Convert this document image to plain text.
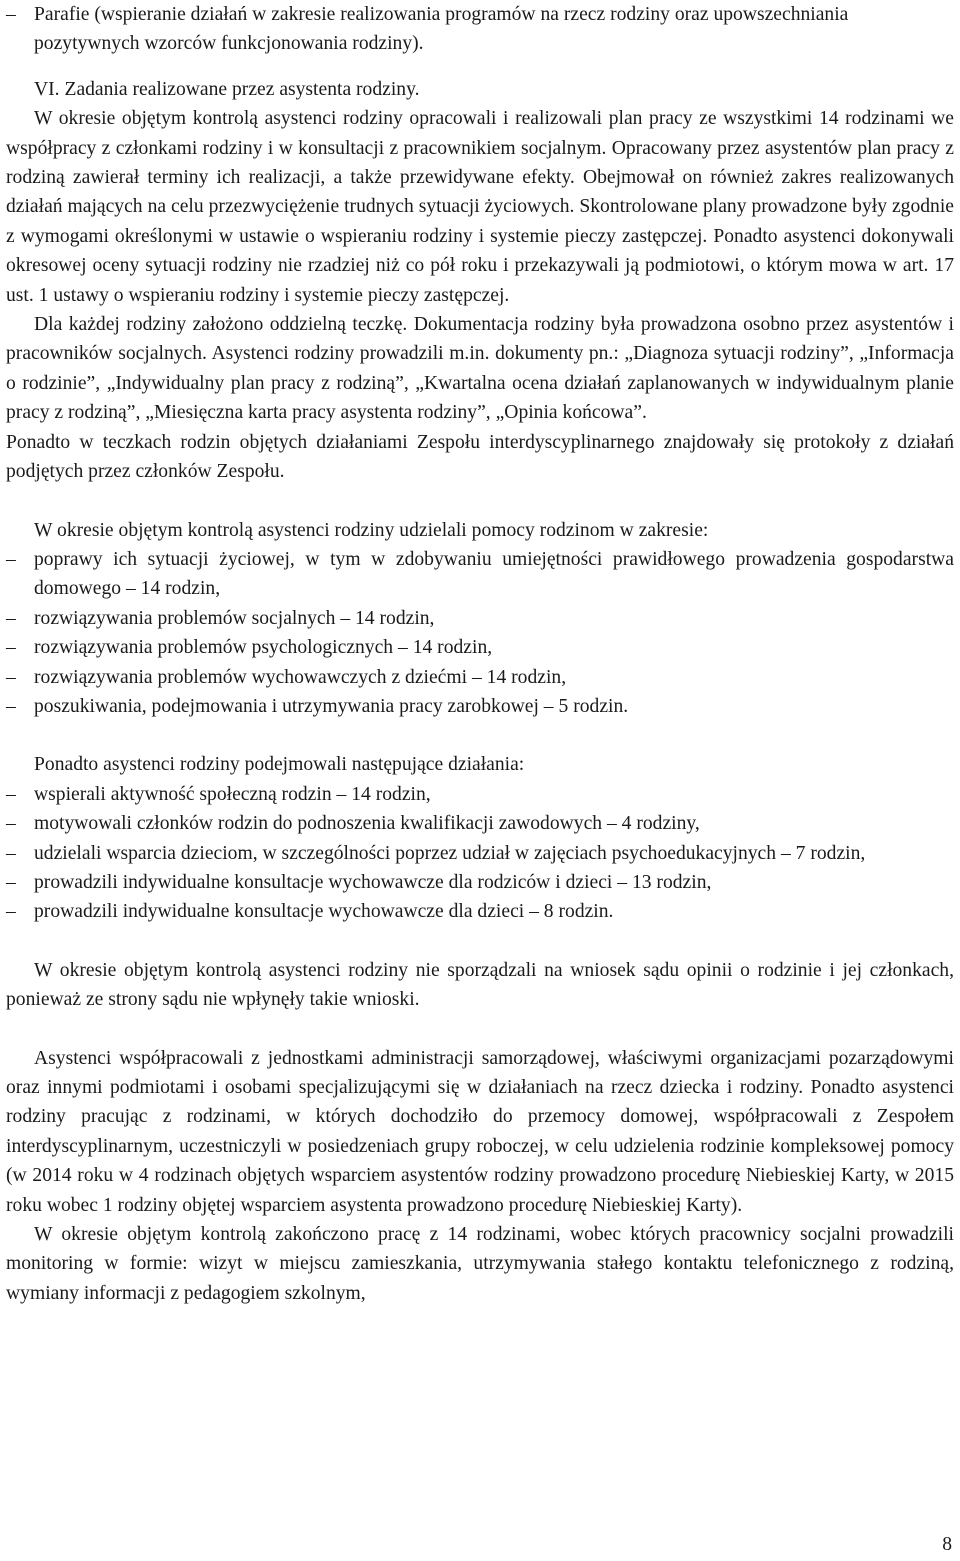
– Parafie (wspieranie działań w zakresie realizowania programów na rzecz rodziny oraz upowszechniania pozytywnych wzorców funkcjonowania rodziny).

VI. Zadania realizowane przez asystenta rodziny.

W okresie objętym kontrolą asystenci rodziny opracowali i realizowali plan pracy ze wszystkimi 14 rodzinami we współpracy z członkami rodziny i w konsultacji z pracownikiem socjalnym. Opracowany przez asystentów plan pracy z rodziną zawierał terminy ich realizacji, a także przewidywane efekty. Obejmował on również zakres realizowanych działań mających na celu przezwyciężenie trudnych sytuacji życiowych. Skontrolowane plany prowadzone były zgodnie z wymogami określonymi w ustawie o wspieraniu rodziny i systemie pieczy zastępczej. Ponadto asystenci dokonywali okresowej oceny sytuacji rodziny nie rzadziej niż co pół roku i przekazywali ją podmiotowi, o którym mowa w art. 17 ust. 1 ustawy o wspieraniu rodziny i systemie pieczy zastępczej.

Dla każdej rodziny założono oddzielną teczkę. Dokumentacja rodziny była prowadzona osobno przez asystentów i pracowników socjalnych. Asystenci rodziny prowadzili m.in. dokumenty pn.: „Diagnoza sytuacji rodziny”, „Informacja o rodzinie”, „Indywidualny plan pracy z rodziną”, „Kwartalna ocena działań zaplanowanych w indywidualnym planie pracy z rodziną”, „Miesięczna karta pracy asystenta rodziny”, „Opinia końcowa”.

Ponadto w teczkach rodzin objętych działaniami Zespołu interdyscyplinarnego znajdowały się protokoły z działań podjętych przez członków Zespołu.

W okresie objętym kontrolą asystenci rodziny udzielali pomocy rodzinom w zakresie:

– poprawy ich sytuacji życiowej, w tym w zdobywaniu umiejętności prawidłowego prowadzenia gospodarstwa domowego – 14 rodzin,
– rozwiązywania problemów socjalnych – 14 rodzin,
– rozwiązywania problemów psychologicznych – 14 rodzin,
– rozwiązywania problemów wychowawczych z dziećmi – 14 rodzin,
– poszukiwania, podejmowania i utrzymywania pracy zarobkowej – 5 rodzin.

Ponadto asystenci rodziny podejmowali następujące działania:

– wspierali aktywność społeczną rodzin – 14 rodzin,
– motywowali członków rodzin do podnoszenia kwalifikacji zawodowych – 4 rodziny,
– udzielali wsparcia dzieciom, w szczególności poprzez udział w zajęciach psychoedukacyjnych – 7 rodzin,
– prowadzili indywidualne konsultacje wychowawcze dla rodziców i dzieci – 13 rodzin,
– prowadzili indywidualne konsultacje wychowawcze dla dzieci – 8 rodzin.

W okresie objętym kontrolą asystenci rodziny nie sporządzali na wniosek sądu opinii o rodzinie i jej członkach, ponieważ ze strony sądu nie wpłynęły takie wnioski.

Asystenci współpracowali z jednostkami administracji samorządowej, właściwymi organizacjami pozarządowymi oraz innymi podmiotami i osobami specjalizującymi się w działaniach na rzecz dziecka i rodziny. Ponadto asystenci rodziny pracując z rodzinami, w których dochodziło do przemocy domowej, współpracowali z Zespołem interdyscyplinarnym, uczestniczyli w posiedzeniach grupy roboczej, w celu udzielenia rodzinie kompleksowej pomocy (w 2014 roku w 4 rodzinach objętych wsparciem asystentów rodziny prowadzono procedurę Niebieskiej Karty, w 2015 roku wobec 1 rodziny objętej wsparciem asystenta prowadzono procedurę Niebieskiej Karty).

W okresie objętym kontrolą zakończono pracę z 14 rodzinami, wobec których pracownicy socjalni prowadzili monitoring w formie: wizyt w miejscu zamieszkania, utrzymywania stałego kontaktu telefonicznego z rodziną, wymiany informacji z pedagogiem szkolnym,

8
